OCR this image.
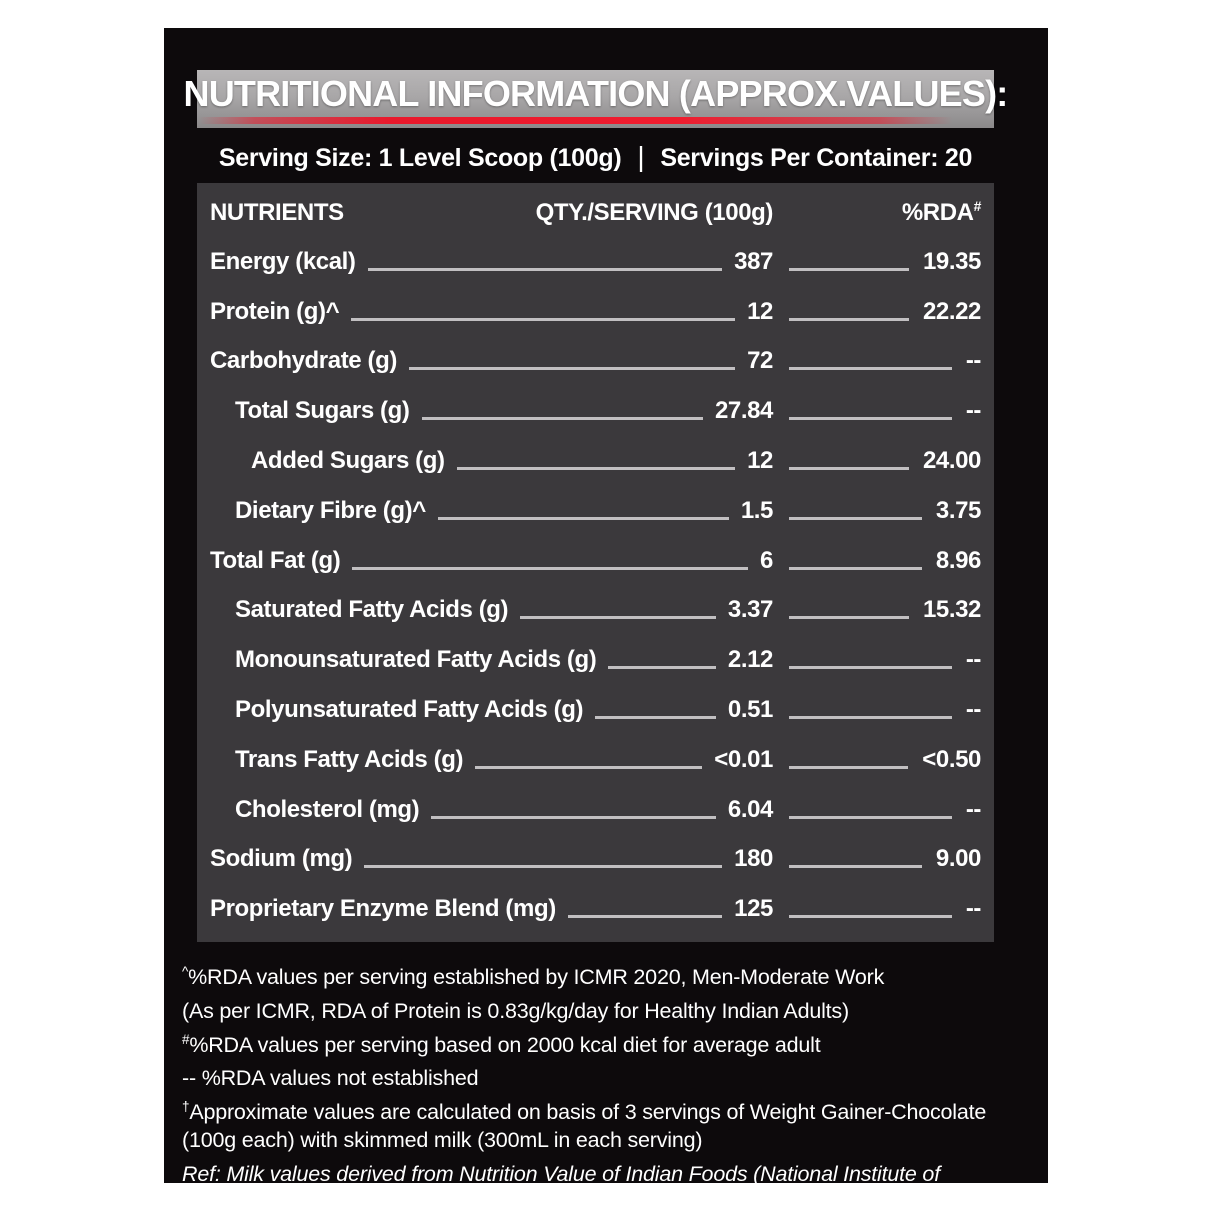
NUTRITIONAL INFORMATION (APPROX.VALUES):
Serving Size: 1 Level Scoop (100g) | Servings Per Container: 20
NUTRIENTS	QTY./SERVING (100g)	%RDA#
Energy (kcal)	387	19.35
Protein (g)^	12	22.22
Carbohydrate (g)	72	--
Total Sugars (g)	27.84	--
Added Sugars (g)	12	24.00
Dietary Fibre (g)^	1.5	3.75
Total Fat (g)	6	8.96
Saturated Fatty Acids (g)	3.37	15.32
Monounsaturated Fatty Acids (g)	2.12	--
Polyunsaturated Fatty Acids (g)	0.51	--
Trans Fatty Acids (g)	<0.01	<0.50
Cholesterol (mg)	6.04	--
Sodium (mg)	180	9.00
Proprietary Enzyme Blend (mg)	125	--
^%RDA values per serving established by ICMR 2020, Men-Moderate Work
(As per ICMR, RDA of Protein is 0.83g/kg/day for Healthy Indian Adults)
#%RDA values per serving based on 2000 kcal diet for average adult
-- %RDA values not established
†Approximate values are calculated on basis of 3 servings of Weight Gainer-Chocolate (100g each) with skimmed milk (300mL in each serving)
Ref: Milk values derived from Nutrition Value of Indian Foods (National Institute of Nutrition)
